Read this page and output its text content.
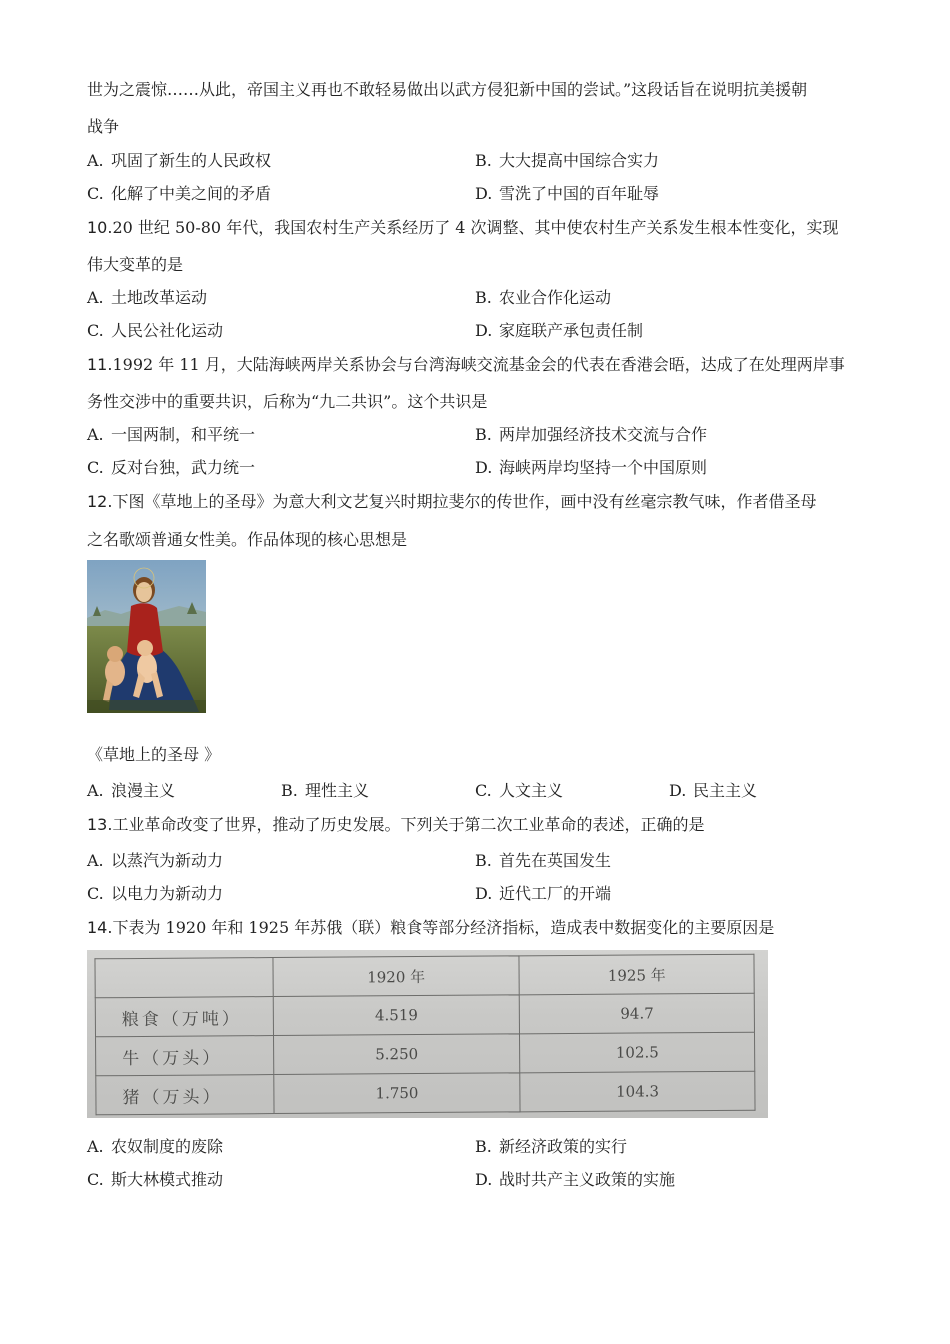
世为之震惊……从此，帝国主义再也不敢轻易做出以武方侵犯新中国的尝试。”这段话旨在说明抗美援朝
战争
A. 巩固了新生的人民政权	B. 大大提高中国综合实力
C. 化解了中美之间的矛盾	D. 雪洗了中国的百年耻辱
10.20 世纪 50-80 年代，我国农村生产关系经历了 4 次调整、其中使农村生产关系发生根本性变化，实现
伟大变革的是
A. 土地改革运动	B. 农业合作化运动
C. 人民公社化运动	D. 家庭联产承包责任制
11.1992 年 11 月，大陆海峡两岸关系协会与台湾海峡交流基金会的代表在香港会晤，达成了在处理两岸事
务性交涉中的重要共识，后称为“九二共识”。这个共识是
A. 一国两制，和平统一	B. 两岸加强经济技术交流与合作
C. 反对台独，武力统一	D. 海峡两岸均坚持一个中国原则
12.下图《草地上的圣母》为意大利文艺复兴时期拉斐尔的传世作，画中没有丝毫宗教气味，作者借圣母
之名歌颂普通女性美。作品体现的核心思想是
《草地上的圣母 》
A. 浪漫主义	B. 理性主义	C. 人文主义	D. 民主主义
13.工业革命改变了世界，推动了历史发展。下列关于第二次工业革命的表述，正确的是
A. 以蒸汽为新动力	B. 首先在英国发生
C. 以电力为新动力	D. 近代工厂的开端
14.下表为 1920 年和 1925 年苏俄（联）粮食等部分经济指标，造成表中数据变化的主要原因是
	1920 年	1925 年
粮食（万吨）	4.519	94.7
牛（万头）	5.250	102.5
猪（万头）	1.750	104.3
A. 农奴制度的废除	B. 新经济政策的实行
C. 斯大林模式推动	D. 战时共产主义政策的实施
